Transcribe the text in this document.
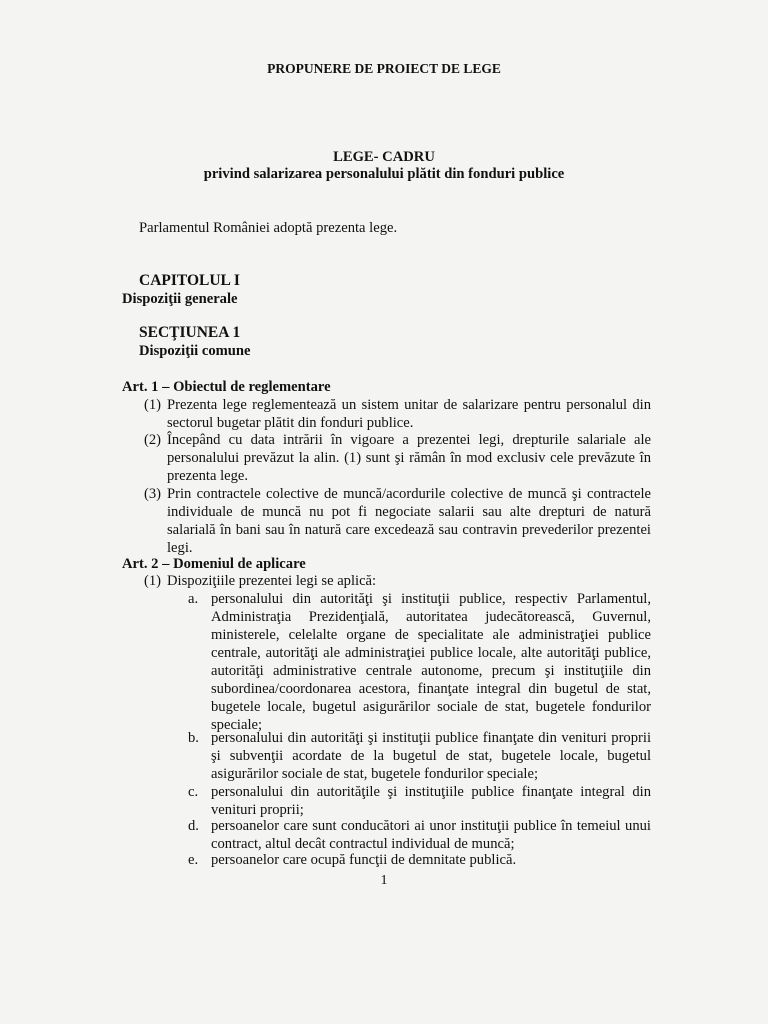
PROPUNERE DE PROIECT DE LEGE
LEGE- CADRU
privind salarizarea personalului plătit din fonduri publice
Parlamentul României adoptă prezenta lege.
CAPITOLUL I
Dispoziţii generale
SECŢIUNEA 1
Dispoziţii comune
Art. 1 – Obiectul de reglementare
(1) Prezenta lege reglementează un sistem unitar de salarizare pentru personalul din sectorul bugetar plătit din fonduri publice.
(2) Începând cu data intrării în vigoare a prezentei legi, drepturile salariale ale personalului prevăzut la alin. (1) sunt şi rămân în mod exclusiv cele prevăzute în prezenta lege.
(3) Prin contractele colective de muncă/acordurile colective de muncă şi contractele individuale de muncă nu pot fi negociate salarii sau alte drepturi de natură salarială în bani sau în natură care excedează sau contravin prevederilor prezentei legi.
Art. 2 – Domeniul de aplicare
(1) Dispoziţiile prezentei legi se aplică:
a. personalului din autorităţi şi instituţii publice, respectiv Parlamentul, Administraţia Prezidenţială, autoritatea judecătorească, Guvernul, ministerele, celelalte organe de specialitate ale administraţiei publice centrale, autorităţi ale administraţiei publice locale, alte autorităţi publice, autorităţi administrative centrale autonome, precum şi instituţiile din subordinea/coordonarea acestora, finanţate integral din bugetul de stat, bugetele locale, bugetul asigurărilor sociale de stat, bugetele fondurilor speciale;
b. personalului din autorităţi şi instituţii publice finanţate din venituri proprii şi subvenţii acordate de la bugetul de stat, bugetele locale, bugetul asigurărilor sociale de stat, bugetele fondurilor speciale;
c. personalului din autorităţile şi instituţiile publice finanţate integral din venituri proprii;
d. persoanelor care sunt conducători ai unor instituţii publice în temeiul unui contract, altul decât contractul individual de muncă;
e. persoanelor care ocupă funcţii de demnitate publică.
1
